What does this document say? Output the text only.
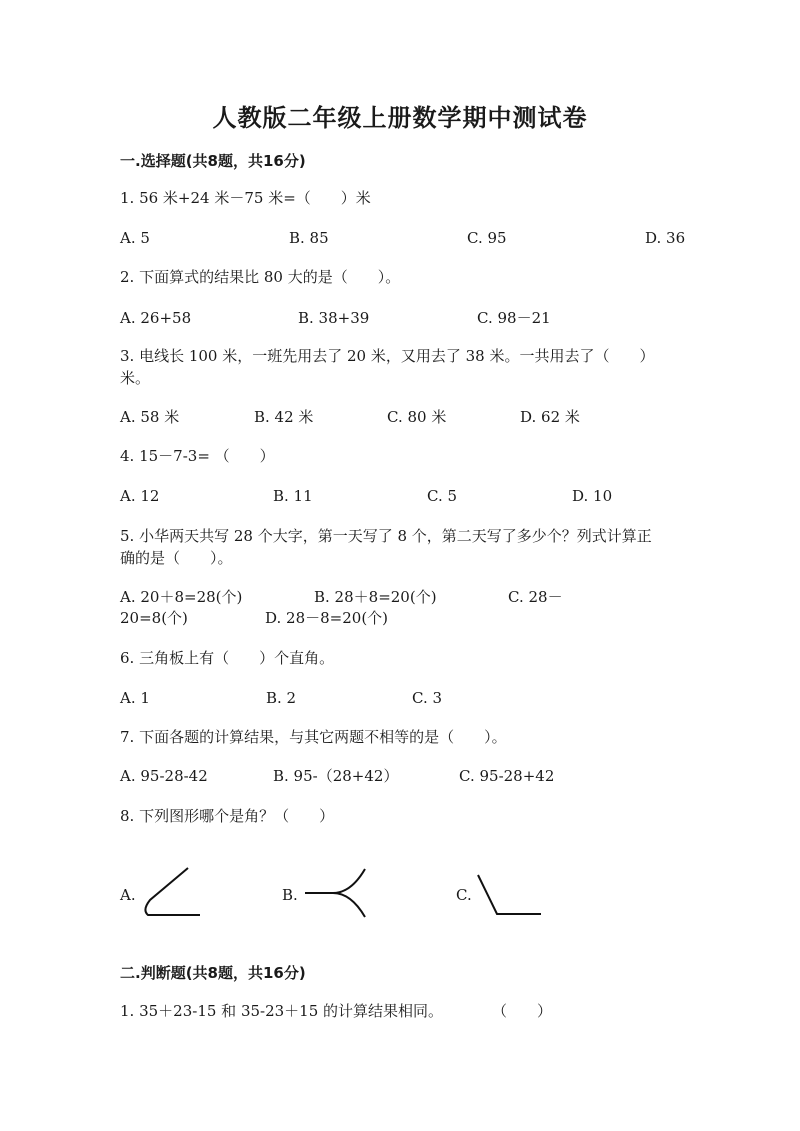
人教版二年级上册数学期中测试卷
一.选择题(共8题，共16分)
1. 56 米+24 米－75 米=（　　）米
A. 5	B. 85	C. 95	D. 36
2. 下面算式的结果比 80 大的是（　　）。
A. 26+58	B. 38+39	C. 98－21
3. 电线长 100 米，一班先用去了 20 米，又用去了 38 米。一共用去了（　　）
米。
A. 58 米	B. 42 米	C. 80 米	D. 62 米
4. 15－7-3= （　　）
A. 12	B. 11	C. 5	D. 10
5. 小华两天共写 28 个大字，第一天写了 8 个，第二天写了多少个？列式计算正
确的是（　　）。
A. 20＋8=28(个)	B. 28＋8=20(个)	C. 28－
20=8(个)	D. 28－8=20(个)
6. 三角板上有（　　）个直角。
A. 1	B. 2	C. 3
7. 下面各题的计算结果，与其它两题不相等的是（　　）。
A. 95-28-42	B. 95-（28+42）	C. 95-28+42
8. 下列图形哪个是角？（　　）
A.	B.	C.
二.判断题(共8题，共16分)
1. 35＋23-15 和 35-23＋15 的计算结果相同。	（　　）
